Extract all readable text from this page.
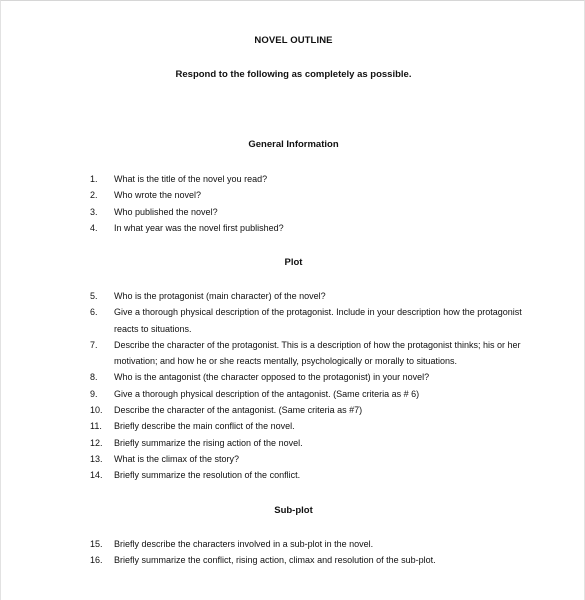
NOVEL OUTLINE
Respond to the following as completely as possible.
General Information
1. What is the title of the novel you read?
2. Who wrote the novel?
3. Who published the novel?
4. In what year was the novel first published?
Plot
5. Who is the protagonist (main character) of the novel?
6. Give a thorough physical description of the protagonist. Include in your description how the protagonist reacts to situations.
7. Describe the character of the protagonist. This is a description of how the protagonist thinks; his or her motivation; and how he or she reacts mentally, psychologically or morally to situations.
8. Who is the antagonist (the character opposed to the protagonist) in your novel?
9. Give a thorough physical description of the antagonist. (Same criteria as # 6)
10. Describe the character of the antagonist. (Same criteria as #7)
11. Briefly describe the main conflict of the novel.
12. Briefly summarize the rising action of the novel.
13. What is the climax of the story?
14. Briefly summarize the resolution of the conflict.
Sub-plot
15. Briefly describe the characters involved in a sub-plot in the novel.
16. Briefly summarize the conflict, rising action, climax and resolution of the sub-plot.
